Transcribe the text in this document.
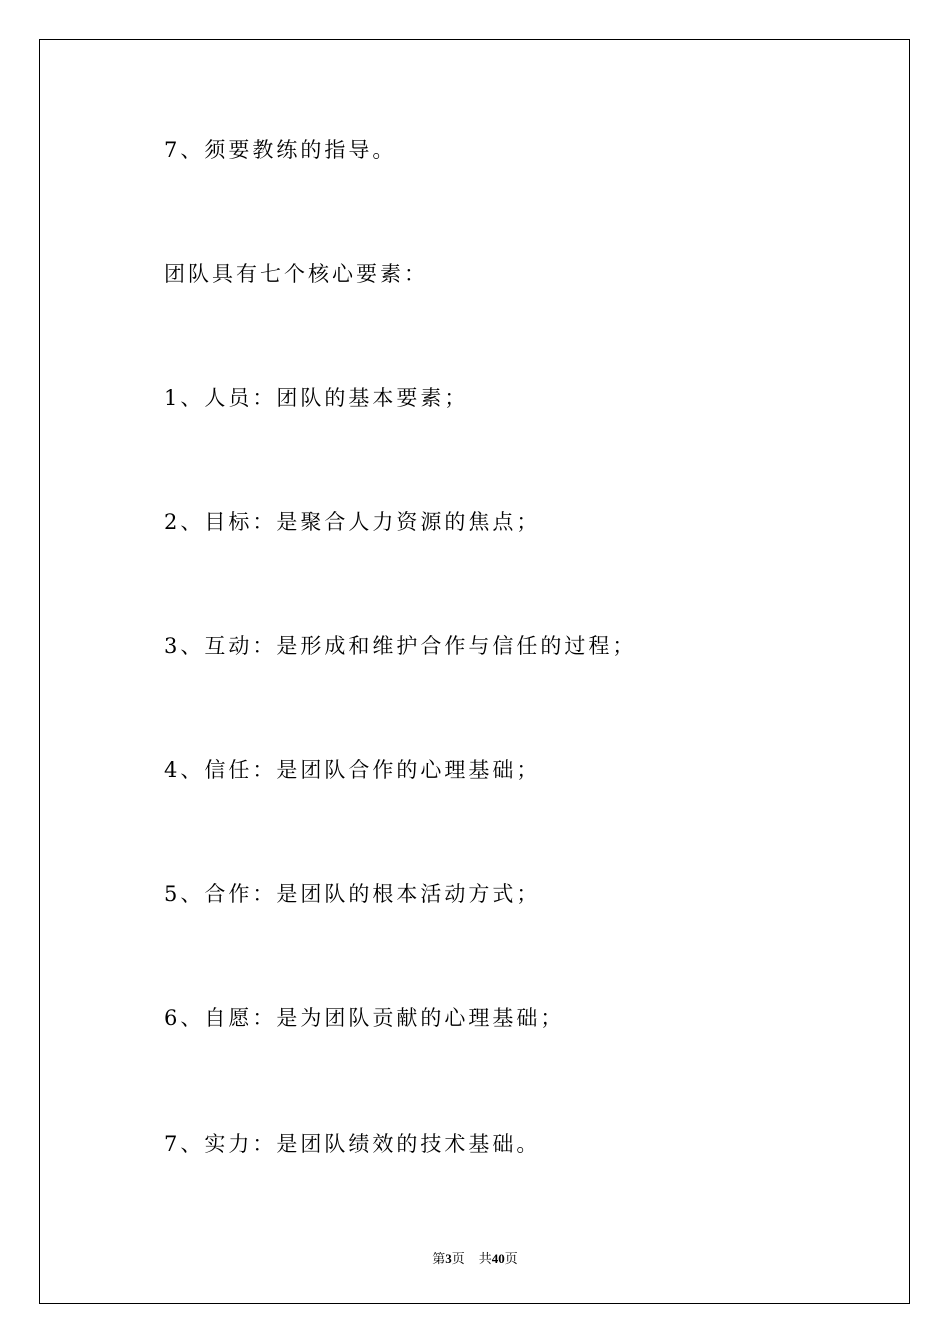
7、须要教练的指导。
团队具有七个核心要素：
1、人员：团队的基本要素；
2、目标：是聚合人力资源的焦点；
3、互动：是形成和维护合作与信任的过程；
4、信任：是团队合作的心理基础；
5、合作：是团队的根本活动方式；
6、自愿：是为团队贡献的心理基础；
7、实力：是团队绩效的技术基础。
第3页 共40页
